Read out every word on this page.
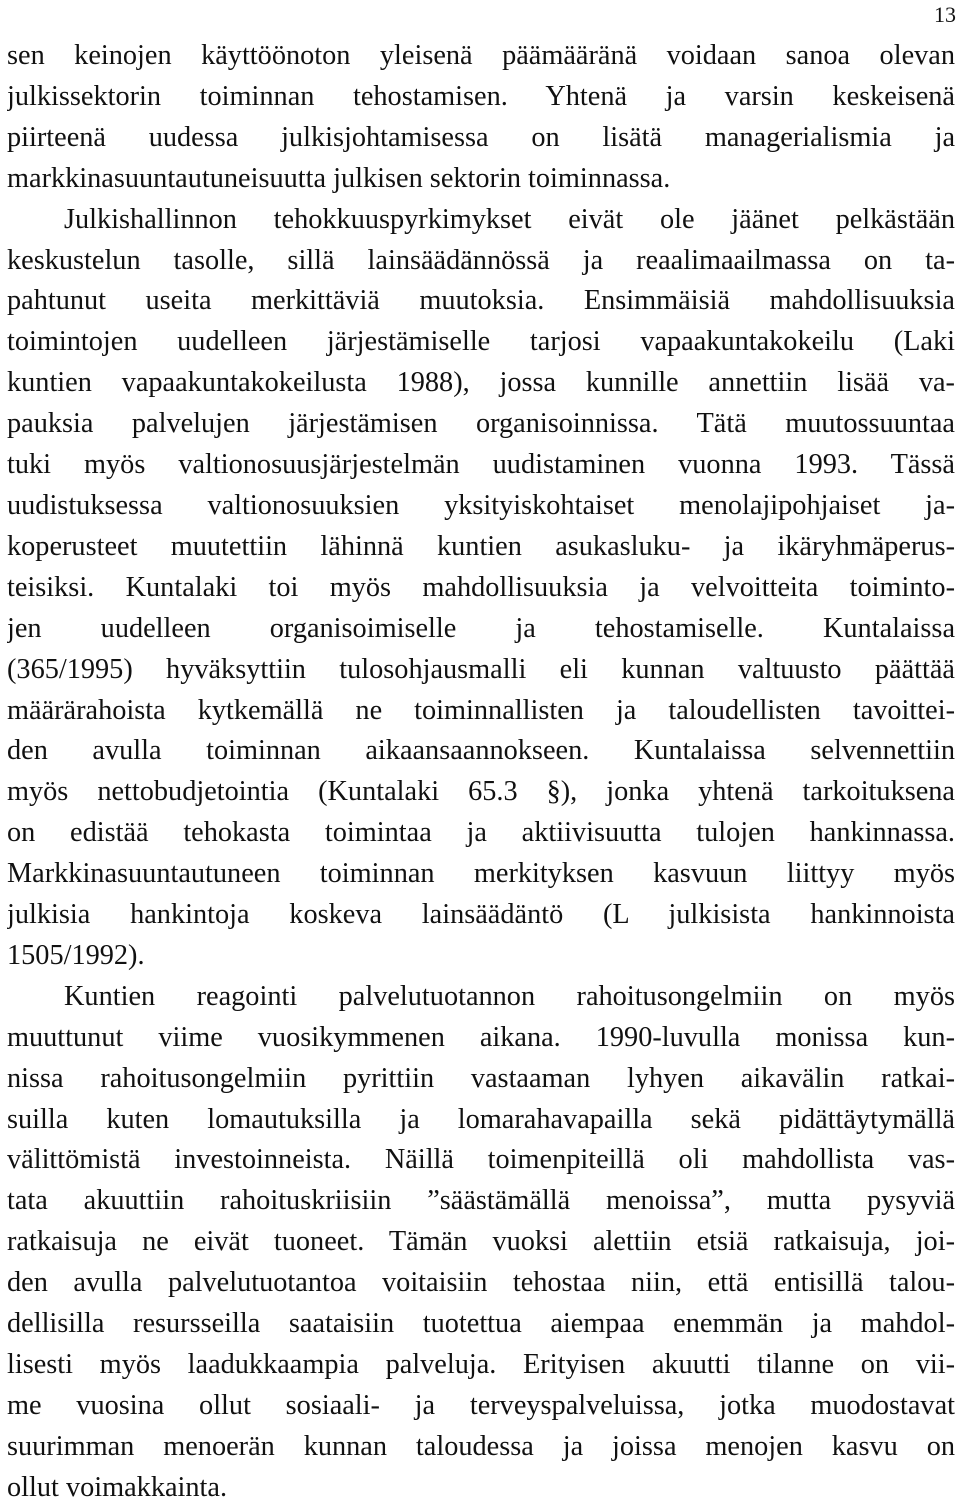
13
sen keinojen käyttöönoton yleisenä päämääränä voidaan sanoa olevan
julkissektorin toiminnan tehostamisen. Yhtenä ja varsin keskeisenä
piirteenä uudessa julkisjohtamisessa on lisätä managerialismia ja
markkinasuuntautuneisuutta julkisen sektorin toiminnassa.
Julkishallinnon tehokkuuspyrkimykset eivät ole jäänet pelkästään
keskustelun tasolle, sillä lainsäädännössä ja reaalimaailmassa on ta-
pahtunut useita merkittäviä muutoksia. Ensimmäisiä mahdollisuuksia
toimintojen uudelleen järjestämiselle tarjosi vapaakuntakokeilu (Laki
kuntien vapaakuntakokeilusta 1988), jossa kunnille annettiin lisää va-
pauksia palvelujen järjestämisen organisoinnissa. Tätä muutossuuntaa
tuki myös valtionosuusjärjestelmän uudistaminen vuonna 1993. Tässä
uudistuksessa valtionosuuksien yksityiskohtaiset menolajipohjaiset ja-
koperusteet muutettiin lähinnä kuntien asukasluku- ja ikäryhmäperus-
teisiksi. Kuntalaki toi myös mahdollisuuksia ja velvoitteita toiminto-
jen uudelleen organisoimiselle ja tehostamiselle. Kuntalaissa
(365/1995) hyväksyttiin tulosohjausmalli eli kunnan valtuusto päättää
määrärahoista kytkemällä ne toiminnallisten ja taloudellisten tavoittei-
den avulla toiminnan aikaansaannokseen. Kuntalaissa selvennettiin
myös nettobudjetointia (Kuntalaki 65.3 §), jonka yhtenä tarkoituksena
on edistää tehokasta toimintaa ja aktiivisuutta tulojen hankinnassa.
Markkinasuuntautuneen toiminnan merkityksen kasvuun liittyy myös
julkisia hankintoja koskeva lainsäädäntö (L julkisista hankinnoista
1505/1992).
Kuntien reagointi palvelutuotannon rahoitusongelmiin on myös
muuttunut viime vuosikymmenen aikana. 1990-luvulla monissa kun-
nissa rahoitusongelmiin pyrittiin vastaaman lyhyen aikavälin ratkai-
suilla kuten lomautuksilla ja lomarahavapailla sekä pidättäytymällä
välittömistä investoinneista. Näillä toimenpiteillä oli mahdollista vas-
tata akuuttiin rahoituskriisiin ”säästämällä menoissa”, mutta pysyviä
ratkaisuja ne eivät tuoneet. Tämän vuoksi alettiin etsiä ratkaisuja, joi-
den avulla palvelutuotantoa voitaisiin tehostaa niin, että entisillä talou-
dellisilla resursseilla saataisiin tuotettua aiempaa enemmän ja mahdol-
lisesti myös laadukkaampia palveluja. Erityisen akuutti tilanne on vii-
me vuosina ollut sosiaali- ja terveyspalveluissa, jotka muodostavat
suurimman menoerän kunnan taloudessa ja joissa menojen kasvu on
ollut voimakkainta.
